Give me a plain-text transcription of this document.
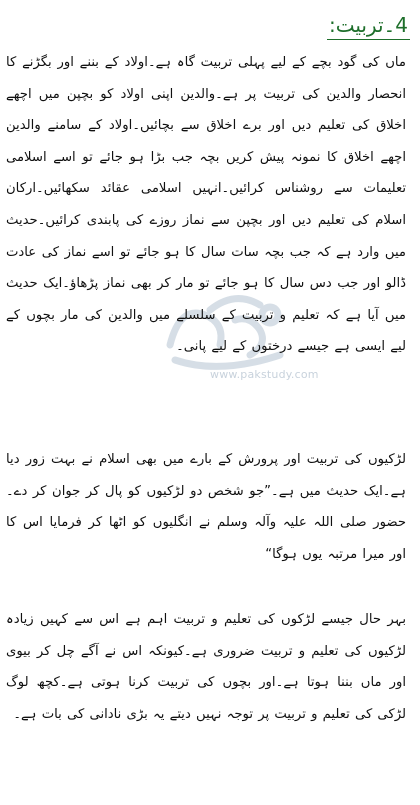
4۔تربیت:
www.pakstudy.com

ماں کی گود بچے کے لیے پہلی تربیت گاہ ہے۔اولاد کے بننے اور بگڑنے کا انحصار والدین کی تربیت پر ہے۔والدین اپنی اولاد کو بچپن میں اچھے اخلاق کی تعلیم دیں اور برے اخلاق سے بچائیں۔اولاد کے سامنے والدین اچھے اخلاق کا نمونہ پیش کریں بچہ جب بڑا ہو جائے تو اسے اسلامی تعلیمات سے روشناس کرائیں۔انہیں اسلامی عقائد سکھائیں۔ارکان اسلام کی تعلیم دیں اور بچپن سے نماز روزے کی پابندی کرائیں۔حدیث میں وارد ہے کہ جب بچہ سات سال کا ہو جائے تو اسے نماز کی عادت ڈالو اور جب دس سال کا ہو جائے تو مار کر بھی نماز پڑھاؤ۔ایک حدیث میں آیا ہے کہ تعلیم و تربیت کے سلسلے میں والدین کی مار بچوں کے لیے ایسی ہے جیسے درختوں کے لیے پانی۔

لڑکیوں کی تربیت اور پرورش کے بارے میں بھی اسلام نے بہت زور دیا ہے۔ایک حدیث میں ہے۔”جو شخص دو لڑکیوں کو پال کر جوان کر دے۔حضور صلی اللہ علیہ وآلہ وسلم نے انگلیوں کو اٹھا کر فرمایا اس کا اور میرا مرتبہ یوں ہوگا“

بہر حال جیسے لڑکوں کی تعلیم و تربیت اہم ہے اس سے کہیں زیادہ لڑکیوں کی تعلیم و تربیت ضروری ہے۔کیونکہ اس نے آگے چل کر بیوی اور ماں بننا ہوتا ہے۔اور بچوں کی تربیت کرنا ہوتی ہے۔کچھ لوگ لڑکی کی تعلیم و تربیت پر توجہ نہیں دیتے یہ بڑی نادانی کی بات ہے۔
